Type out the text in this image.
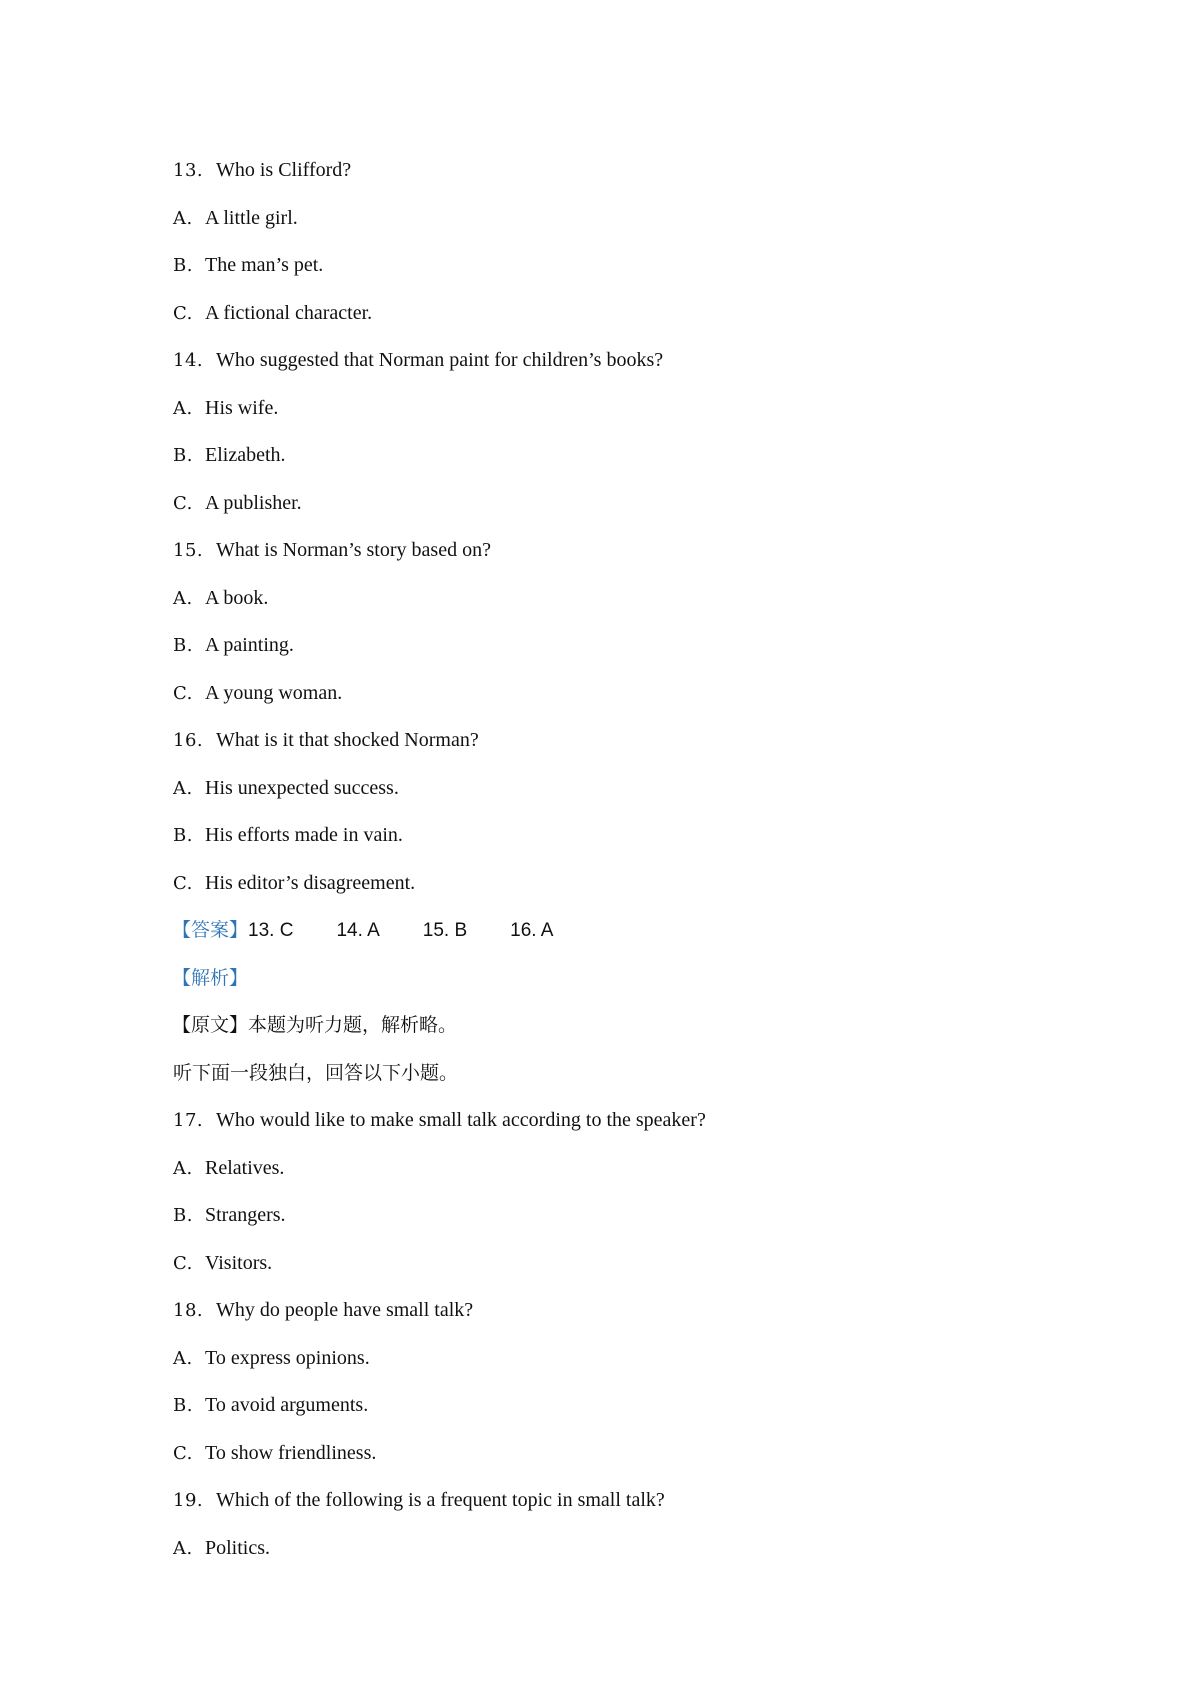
13. Who is Clifford?
A. A little girl.
B. The man’s pet.
C. A fictional character.
14. Who suggested that Norman paint for children’s books?
A. His wife.
B. Elizabeth.
C. A publisher.
15. What is Norman’s story based on?
A. A book.
B. A painting.
C. A young woman.
16. What is it that shocked Norman?
A. His unexpected success.
B. His efforts made in vain.
C. His editor’s disagreement.
【答案】13. C 14. A 15. B 16. A
【解析】
【原文】本题为听力题，解析略。
听下面一段独白，回答以下小题。
17. Who would like to make small talk according to the speaker?
A. Relatives.
B. Strangers.
C. Visitors.
18. Why do people have small talk?
A. To express opinions.
B. To avoid arguments.
C. To show friendliness.
19. Which of the following is a frequent topic in small talk?
A. Politics.
